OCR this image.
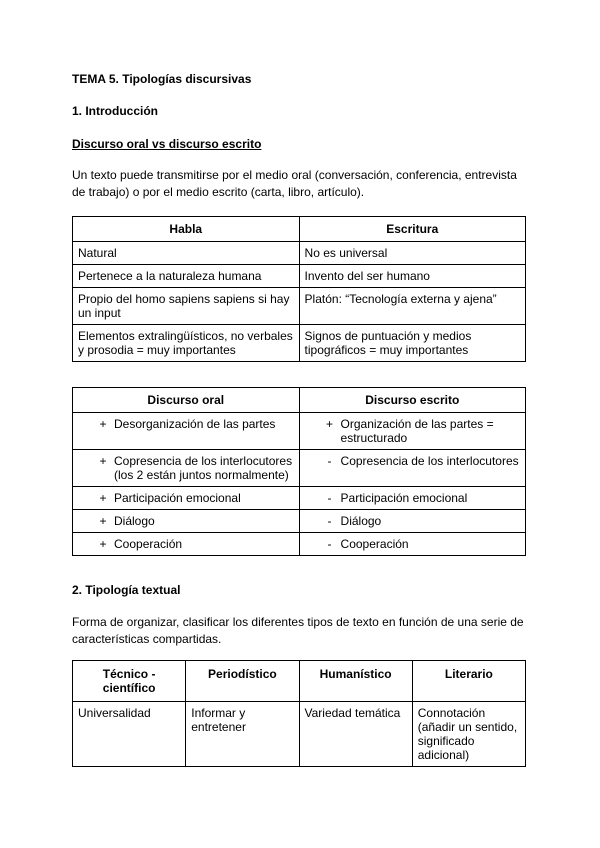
TEMA 5. Tipologías discursivas
1. Introducción
Discurso oral vs discurso escrito
Un texto puede transmitirse por el medio oral (conversación, conferencia, entrevista de trabajo) o por el medio escrito (carta, libro, artículo).
Habla	Escritura
Natural	No es universal
Pertenece a la naturaleza humana	Invento del ser humano
Propio del homo sapiens sapiens si hay un input	Platón: “Tecnología externa y ajena”
Elementos extralingüísticos, no verbales y prosodia = muy importantes	Signos de puntuación y medios tipográficos = muy importantes
Discurso oral	Discurso escrito

+ Desorganización de las partes	+ Organización de las partes = estructurado

+ Copresencia de los interlocutores (los 2 están juntos normalmente)	- Copresencia de los interlocutores

+ Participación emocional	- Participación emocional

+ Diálogo	- Diálogo

+ Cooperación	- Cooperación
2. Tipología textual
Forma de organizar, clasificar los diferentes tipos de texto en función de una serie de características compartidas.
Técnico - científico	Periodístico	Humanístico	Literario
Universalidad	Informar y entretener	Variedad temática	Connotación (añadir un sentido, significado adicional)
